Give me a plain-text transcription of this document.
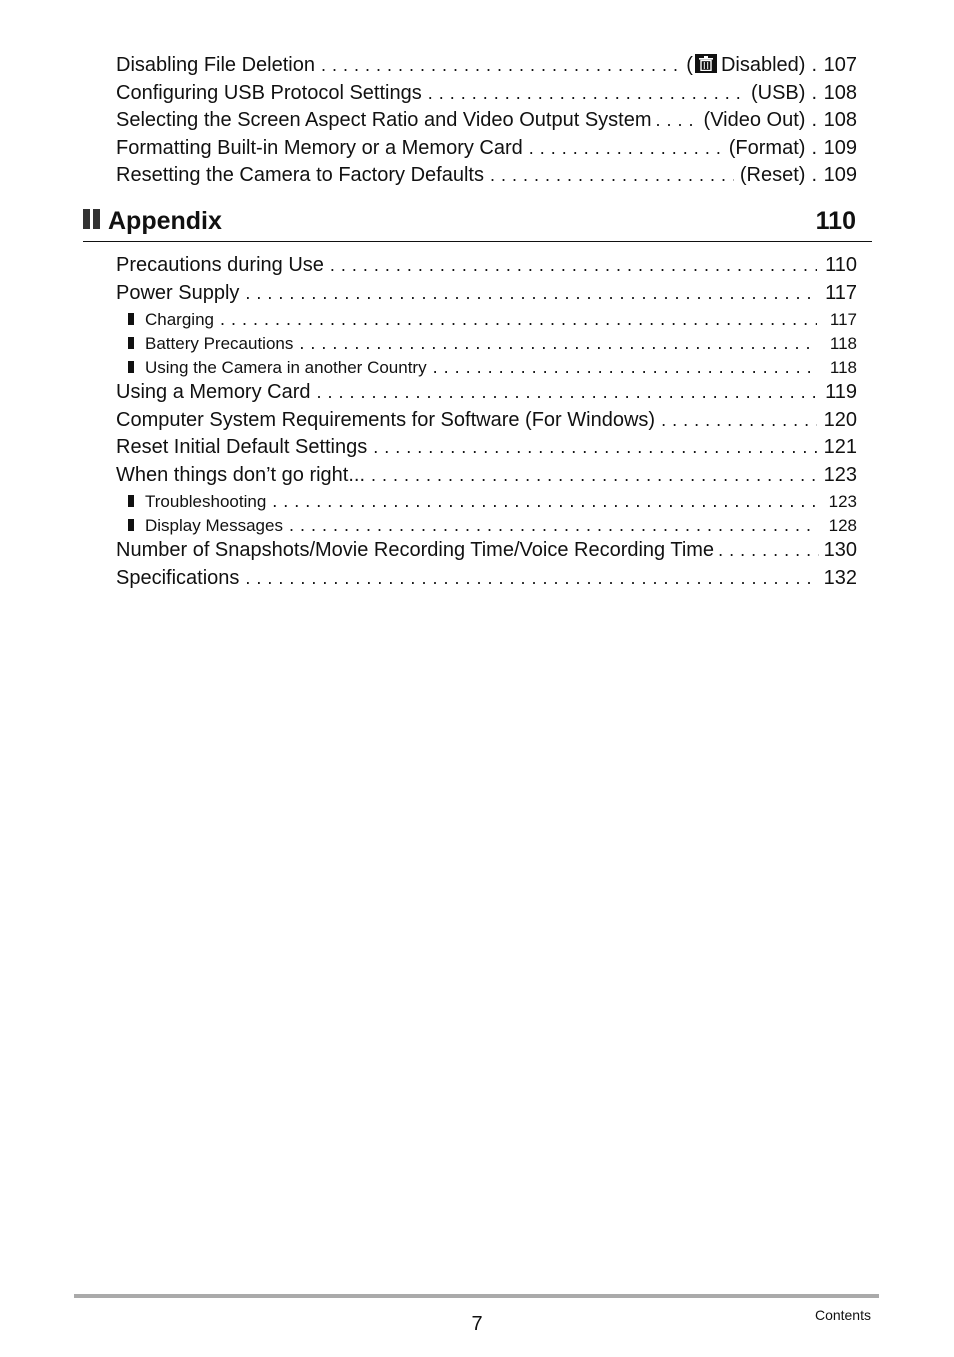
Disabling File Deletion . . .	( Disabled) . 107
Configuring USB Protocol Settings . . .	(USB) . 108
Selecting the Screen Aspect Ratio and Video Output System . . .	(Video Out) . 108
Formatting Built-in Memory or a Memory Card . . .	(Format) . 109
Resetting the Camera to Factory Defaults . . .	(Reset) . 109
Appendix	110
Precautions during Use . . .	110
Power Supply . . .	117
Charging . . .	117
Battery Precautions . . .	118
Using the Camera in another Country . . .	118
Using a Memory Card . . .	119
Computer System Requirements for Software (For Windows) . . .	120
Reset Initial Default Settings . . .	121
When things don’t go right... . . .	123
Troubleshooting . . .	123
Display Messages . . .	128
Number of Snapshots/Movie Recording Time/Voice Recording Time . . .	130
Specifications . . .	132
7	Contents
